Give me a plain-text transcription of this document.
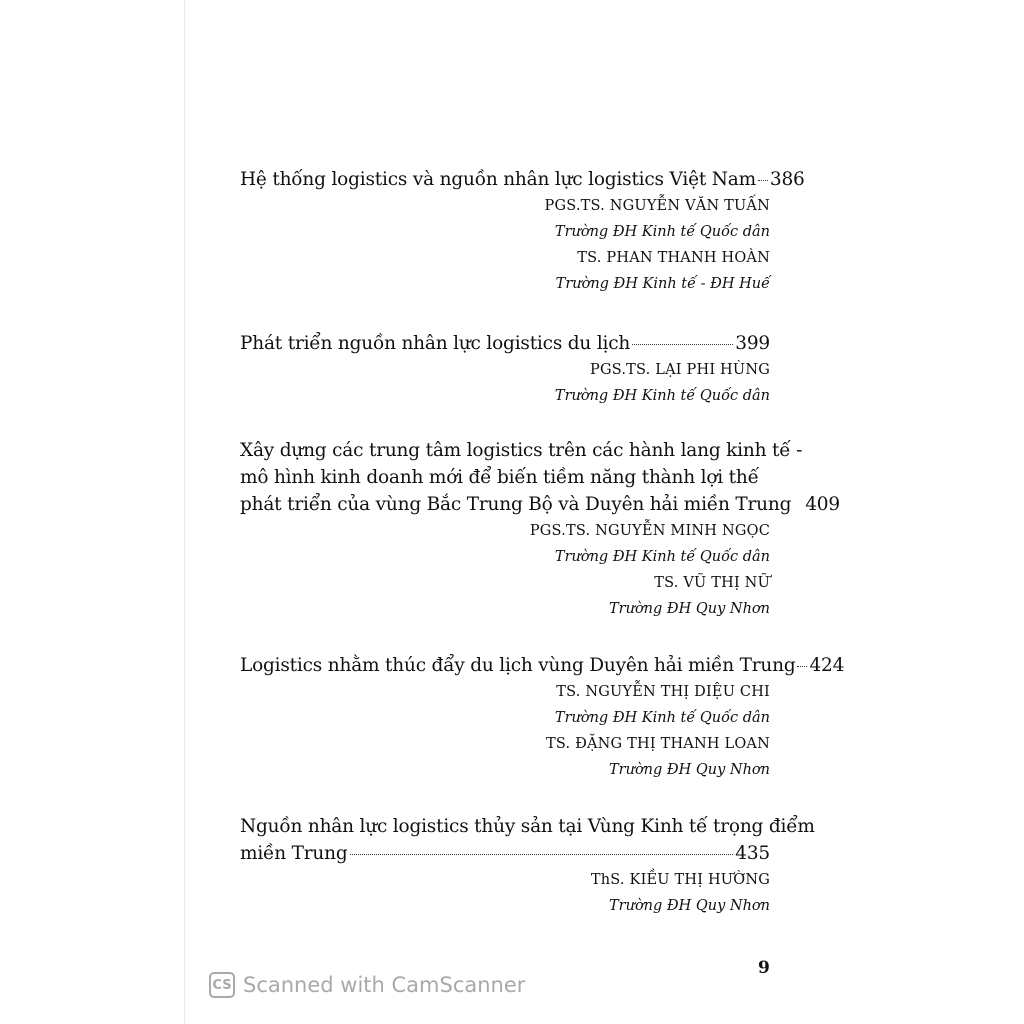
Hệ thống logistics và nguồn nhân lực logistics Việt Nam 386
PGS.TS. NGUYỄN VĂN TUẤN
Trường ĐH Kinh tế Quốc dân
TS. PHAN THANH HOÀN
Trường ĐH Kinh tế - ĐH Huế
Phát triển nguồn nhân lực logistics du lịch	399
PGS.TS. LẠI PHI HÙNG
Trường ĐH Kinh tế Quốc dân
Xây dựng các trung tâm logistics trên các hành lang kinh tế -
mô hình kinh doanh mới để biến tiềm năng thành lợi thế
phát triển của vùng Bắc Trung Bộ và Duyên hải miền Trung 409
PGS.TS. NGUYỄN MINH NGỌC
Trường ĐH Kinh tế Quốc dân
TS. VŨ THỊ NỮ
Trường ĐH Quy Nhơn
Logistics nhằm thúc đẩy du lịch vùng Duyên hải miền Trung 424
TS. NGUYỄN THỊ DIỆU CHI
Trường ĐH Kinh tế Quốc dân
TS. ĐẶNG THỊ THANH LOAN
Trường ĐH Quy Nhơn
Nguồn nhân lực logistics thủy sản tại Vùng Kinh tế trọng điểm
miền Trung	435
ThS. KIỀU THỊ HƯỜNG
Trường ĐH Quy Nhơn
9
CS Scanned with CamScanner
